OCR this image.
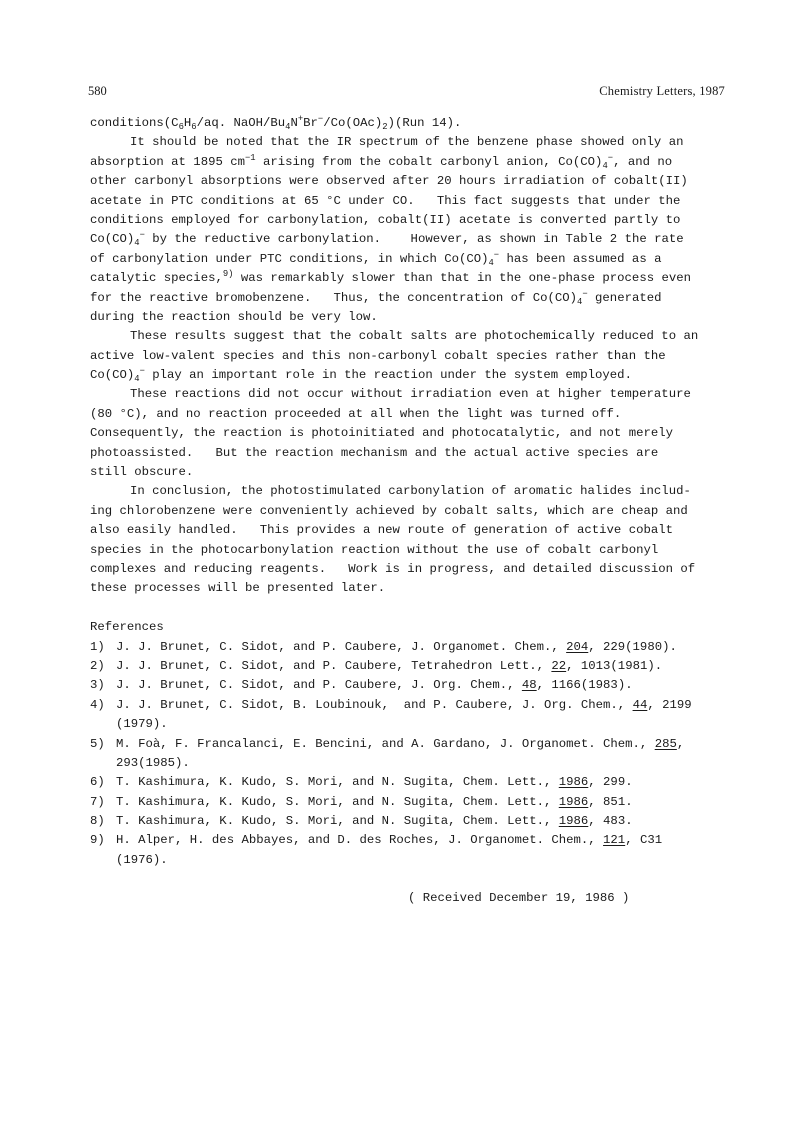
580	Chemistry Letters, 1987
$conditions(C_6H_6/aq$. NaOH/$Bu_4N^+Br^-/Co(OAc)_2)(Run$ 14).
It should be noted that the IR spectrum of the benzene phase showed only an
absorption at 1895 $cm^{-1}$ arising from the cobalt carbonyl anion, $Co(CO)_4^-$, and no
other carbonyl absorptions were observed after 20 hours irradiation of cobalt(II)
acetate in PTC conditions at 65 °C under CO.   This fact suggests that under the
conditions employed for carbonylation, cobalt(II) acetate is converted partly to
$Co(CO)_4^-$ by the reductive carbonylation.    However, as shown in Table 2 the rate
of carbonylation under PTC conditions, in which $Co(CO)_4^-$ has been assumed as a
catalytic species,$^{9)}$ was remarkably slower than that in the one-phase process even
for the reactive bromobenzene.   Thus, the concentration of $Co(CO)_4^-$ generated
during the reaction should be very low.
These results suggest that the cobalt salts are photochemically reduced to an
active low-valent species and this non-carbonyl cobalt species rather than the
$Co(CO)_4^-$ play an important role in the reaction under the system employed.
These reactions did not occur without irradiation even at higher temperature
(80 °C), and no reaction proceeded at all when the light was turned off.
Consequently, the reaction is photoinitiated and photocatalytic, and not merely
photoassisted.   But the reaction mechanism and the actual active species are
still obscure.
In conclusion, the photostimulated carbonylation of aromatic halides includ-
ing chlorobenzene were conveniently achieved by cobalt salts, which are cheap and
also easily handled.   This provides a new route of generation of active cobalt
species in the photocarbonylation reaction without the use of cobalt carbonyl
complexes and reducing reagents.   Work is in progress, and detailed discussion of
these processes will be presented later.
References
1) J. J. Brunet, C. Sidot, and P. Caubere, J. Organomet. Chem., 204, 229(1980).
2) J. J. Brunet, C. Sidot, and P. Caubere, Tetrahedron Lett., 22, 1013(1981).
3) J. J. Brunet, C. Sidot, and P. Caubere, J. Org. Chem., 48, 1166(1983).
4) J. J. Brunet, C. Sidot, B. Loubinouk,  and P. Caubere, J. Org. Chem., 44, 2199
(1979).
5) M. Foà, F. Francalanci, E. Bencini, and A. Gardano, J. Organomet. Chem., 285,
293(1985).
6) T. Kashimura, K. Kudo, S. Mori, and N. Sugita, Chem. Lett., 1986, 299.
7) T. Kashimura, K. Kudo, S. Mori, and N. Sugita, Chem. Lett., 1986, 851.
8) T. Kashimura, K. Kudo, S. Mori, and N. Sugita, Chem. Lett., 1986, 483.
9) H. Alper, H. des Abbayes, and D. des Roches, J. Organomet. Chem., 121, C31
(1976).
( Received December 19, 1986 )
